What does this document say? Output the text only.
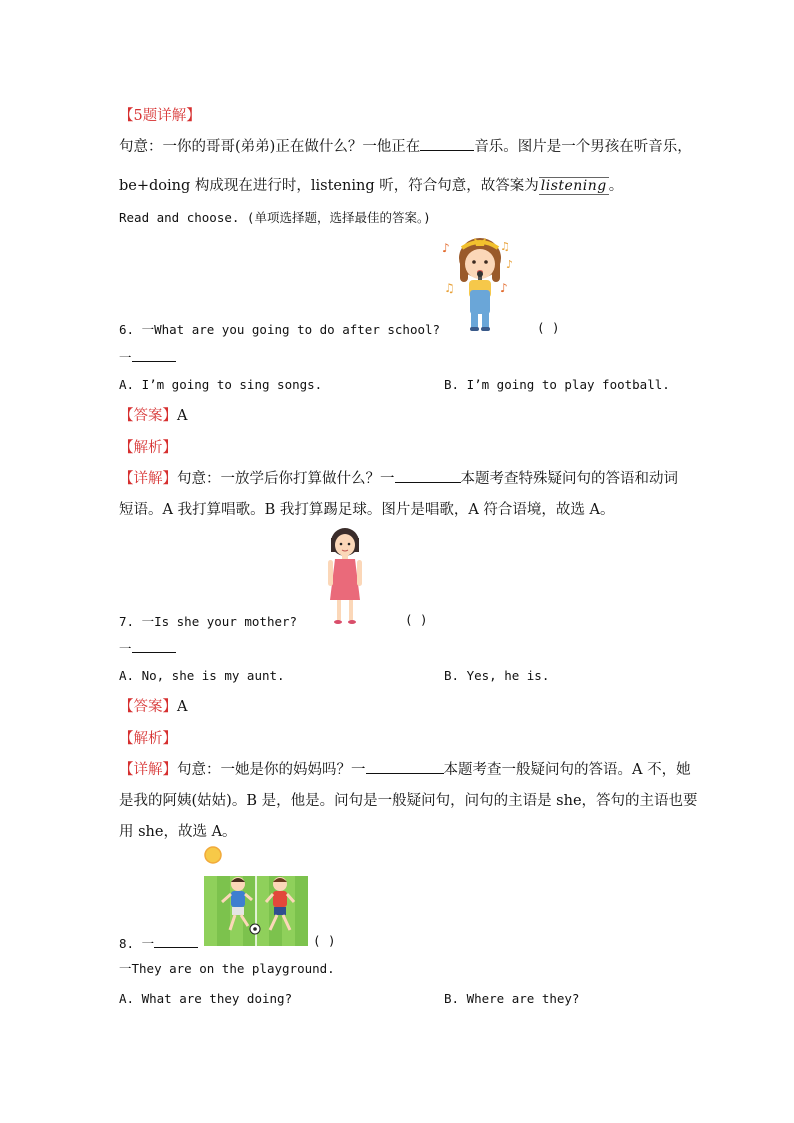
【5题详解】
句意：一你的哥哥(弟弟)正在做什么？一他正在	音乐。图片是一个男孩在听音乐，
be+doing 构成现在进行时，listening 听，符合句意，故答案为 listening 。
Read and choose. (单项选择题，选择最佳的答案。)
♪	♫
♪
♫	♪
6. 一What are you going to do after school?	( )
一
A. I’m going to sing songs.	B. I’m going to play football.
【答案】A
【解析】
【详解】句意：一放学后你打算做什么？一	本题考查特殊疑问句的答语和动词
短语。A 我打算唱歌。B 我打算踢足球。图片是唱歌，A 符合语境，故选 A。
7. 一Is she your mother?	( )
一
A. No, she is my aunt.	B. Yes, he is.
【答案】A
【解析】
【详解】句意：一她是你的妈妈吗？一	本题考查一般疑问句的答语。A 不，她
是我的阿姨(姑姑)。B 是，他是。问句是一般疑问句，问句的主语是 she，答句的主语也要
用 she，故选 A。
8. 一	( )
一They are on the playground.
A. What are they doing?	B. Where are they?
